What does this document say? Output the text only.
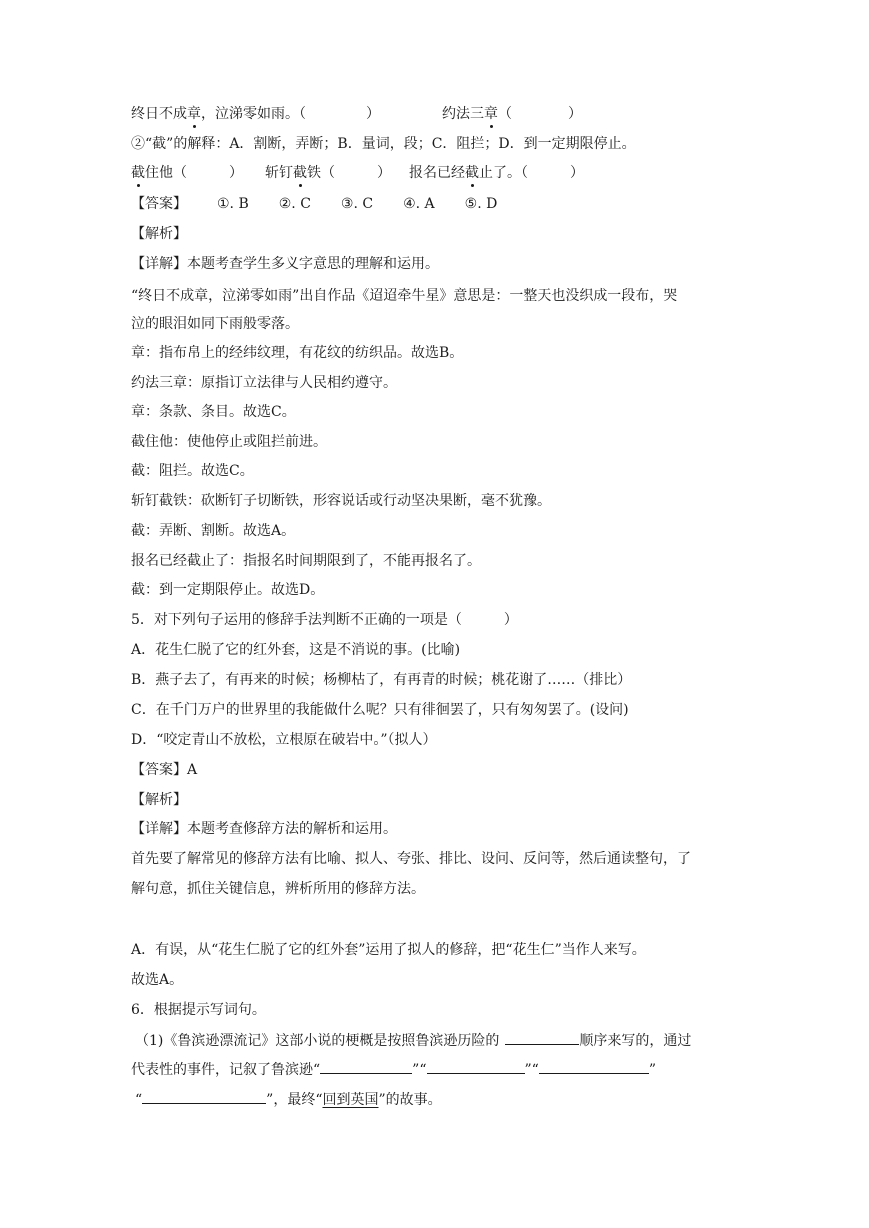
终日不成章，泣涕零如雨。（	）	约法三章（	）
②“截”的解释：A．割断，弄断；B．量词，段；C．阻拦；D．到一定期限停止。
截住他（	） 斩钉截铁（	） 报名已经截止了。（	）
【答案】 ①. B ②. C ③. C ④. A ⑤. D
【解析】
【详解】本题考查学生多义字意思的理解和运用。
“终日不成章，泣涕零如雨”出自作品《迢迢牵牛星》意思是：一整天也没织成一段布，哭
泣的眼泪如同下雨般零落。
章：指布帛上的经纬纹理，有花纹的纺织品。故选B。
约法三章：原指订立法律与人民相约遵守。
章：条款、条目。故选C。
截住他：使他停止或阻拦前进。
截：阻拦。故选C。
斩钉截铁：砍断钉子切断铁，形容说话或行动坚决果断，毫不犹豫。
截：弄断、割断。故选A。
报名已经截止了：指报名时间期限到了，不能再报名了。
截：到一定期限停止。故选D。
5．对下列句子运用的修辞手法判断不正确的一项是（　　　）
A．花生仁脱了它的红外套，这是不消说的事。(比喻)
B．燕子去了，有再来的时候；杨柳枯了，有再青的时候；桃花谢了……（排比）
C．在千门万户的世界里的我能做什么呢？只有徘徊罢了，只有匆匆罢了。(设问)
D．“咬定青山不放松，立根原在破岩中。”（拟人）
【答案】A
【解析】
【详解】本题考查修辞方法的解析和运用。
首先要了解常见的修辞方法有比喻、拟人、夸张、排比、设问、反问等，然后通读整句，了
解句意，抓住关键信息，辨析所用的修辞方法。
A．有误，从“花生仁脱了它的红外套”运用了拟人的修辞，把“花生仁”当作人来写。
故选A。
6．根据提示写词句。
（1)《鲁滨逊漂流记》这部小说的梗概是按照鲁滨逊历险的	顺序来写的，通过
代表性的事件，记叙了鲁滨逊“	”“	”“	”
“	”，最终“回到英国”的故事。
